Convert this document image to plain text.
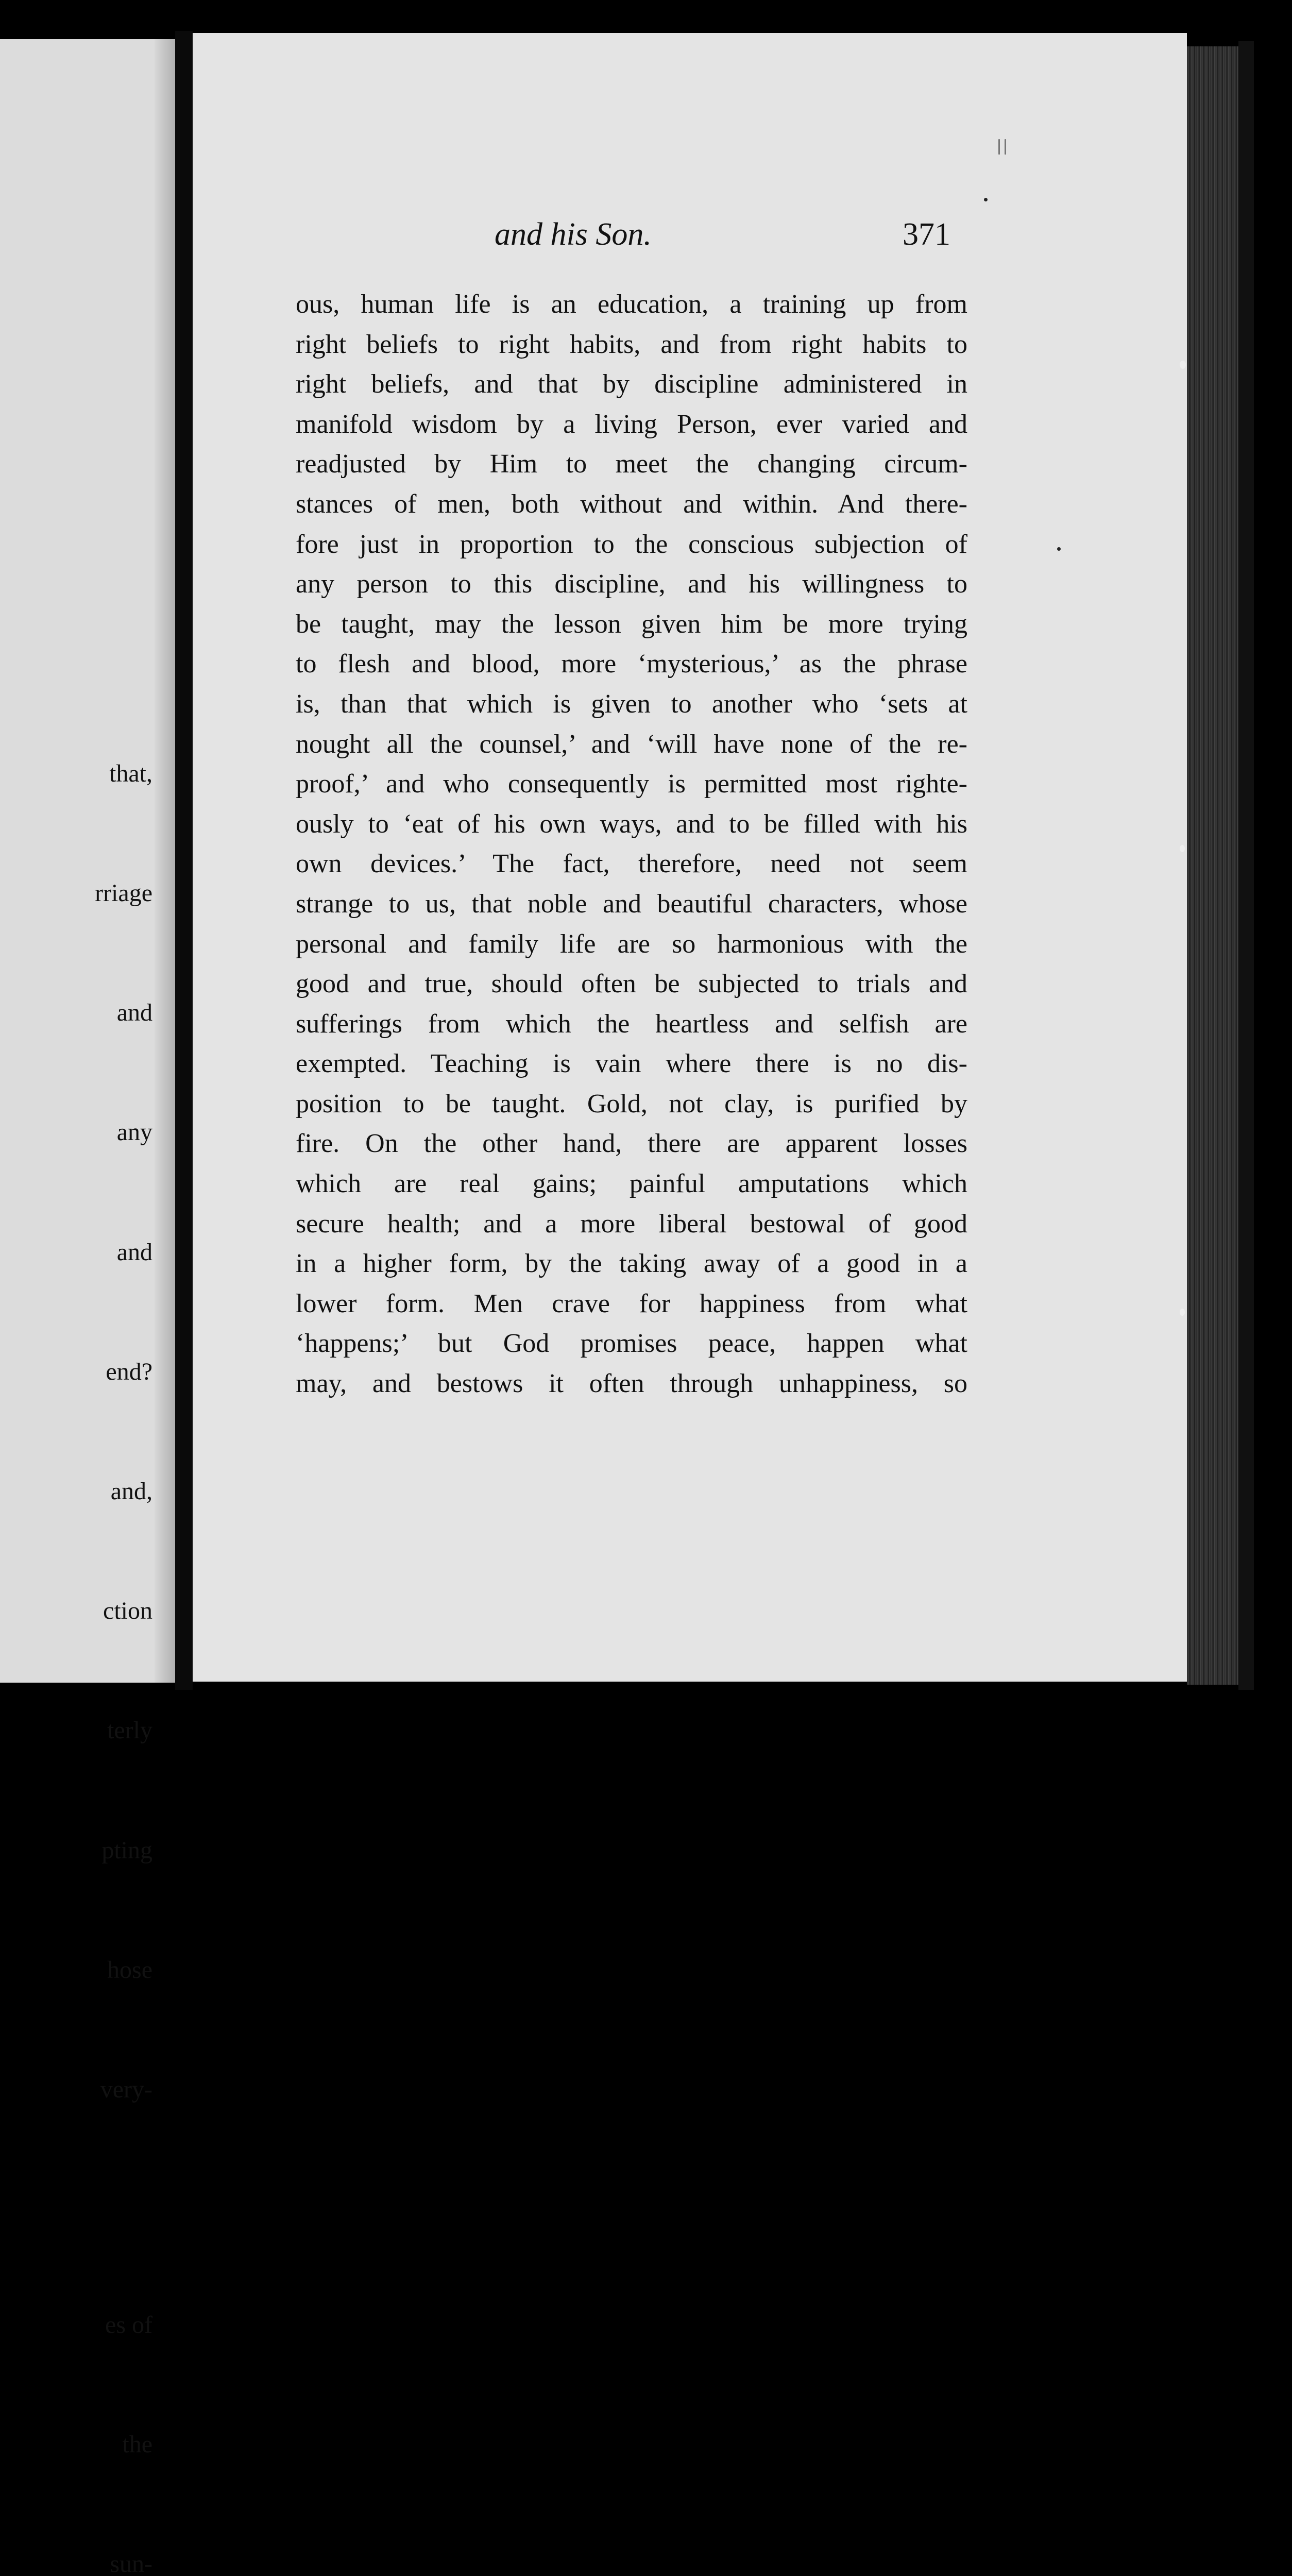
that,

rriage

and

any

and

end?

and,

ction

terly

pting

hose

very-

es of

the

sun-

and his Son.	371
ous, human life is an education, a training up from
right beliefs to right habits, and from right habits to
right beliefs, and that by discipline administered in
manifold wisdom by a living Person, ever varied and
readjusted by Him to meet the changing circum-
stances of men, both without and within. And there-
fore just in proportion to the conscious subjection of
any person to this discipline, and his willingness to
be taught, may the lesson given him be more trying
to flesh and blood, more ‘mysterious,’ as the phrase
is, than that which is given to another who ‘sets at
nought all the counsel,’ and ‘will have none of the re-
proof,’ and who consequently is permitted most righte-
ously to ‘eat of his own ways, and to be filled with his
own devices.’ The fact, therefore, need not seem
strange to us, that noble and beautiful characters, whose
personal and family life are so harmonious with the
good and true, should often be subjected to trials and
sufferings from which the heartless and selfish are
exempted. Teaching is vain where there is no dis-
position to be taught. Gold, not clay, is purified by
fire. On the other hand, there are apparent losses
which are real gains; painful amputations which
secure health; and a more liberal bestowal of good
in a higher form, by the taking away of a good in a
lower form. Men crave for happiness from what
‘happens;’ but God promises peace, happen what
may, and bestows it often through unhappiness, so
